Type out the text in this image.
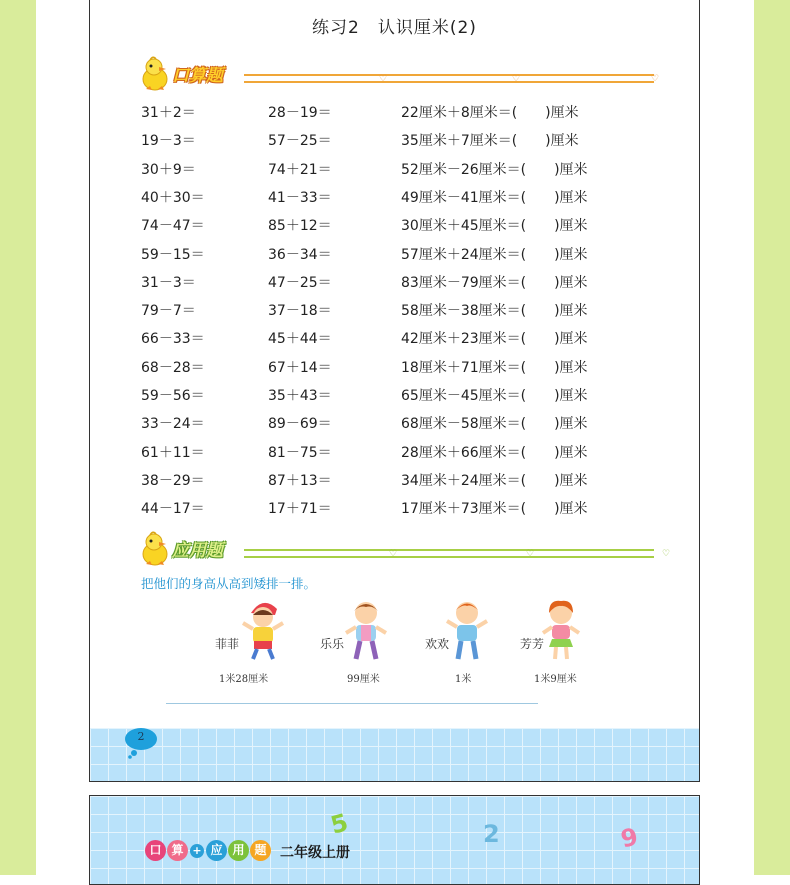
练习2　认识厘米(2)
口算题	♡	♡	♡
31＋2＝	28－19＝	22厘米＋8厘米＝(　　)厘米
19－3＝	57－25＝	35厘米＋7厘米＝(　　)厘米
30＋9＝	74＋21＝	52厘米－26厘米＝(　　)厘米
40＋30＝	41－33＝	49厘米－41厘米＝(　　)厘米
74－47＝	85＋12＝	30厘米＋45厘米＝(　　)厘米
59－15＝	36－34＝	57厘米＋24厘米＝(　　)厘米
31－3＝	47－25＝	83厘米－79厘米＝(　　)厘米
79－7＝	37－18＝	58厘米－38厘米＝(　　)厘米
66－33＝	45＋44＝	42厘米＋23厘米＝(　　)厘米
68－28＝	67＋14＝	18厘米＋71厘米＝(　　)厘米
59－56＝	35＋43＝	65厘米－45厘米＝(　　)厘米
33－24＝	89－69＝	68厘米－58厘米＝(　　)厘米
61＋11＝	81－75＝	28厘米＋66厘米＝(　　)厘米
38－29＝	87＋13＝	34厘米＋24厘米＝(　　)厘米
44－17＝	17＋71＝	17厘米＋73厘米＝(　　)厘米
应用题	♡	♡	♡
把他们的身高从高到矮排一排。
菲菲	乐乐	欢欢	芳芳
1米28厘米	99厘米	1米	1米9厘米
2
5	2	9
口 算 + 应 用 题 二年级上册
